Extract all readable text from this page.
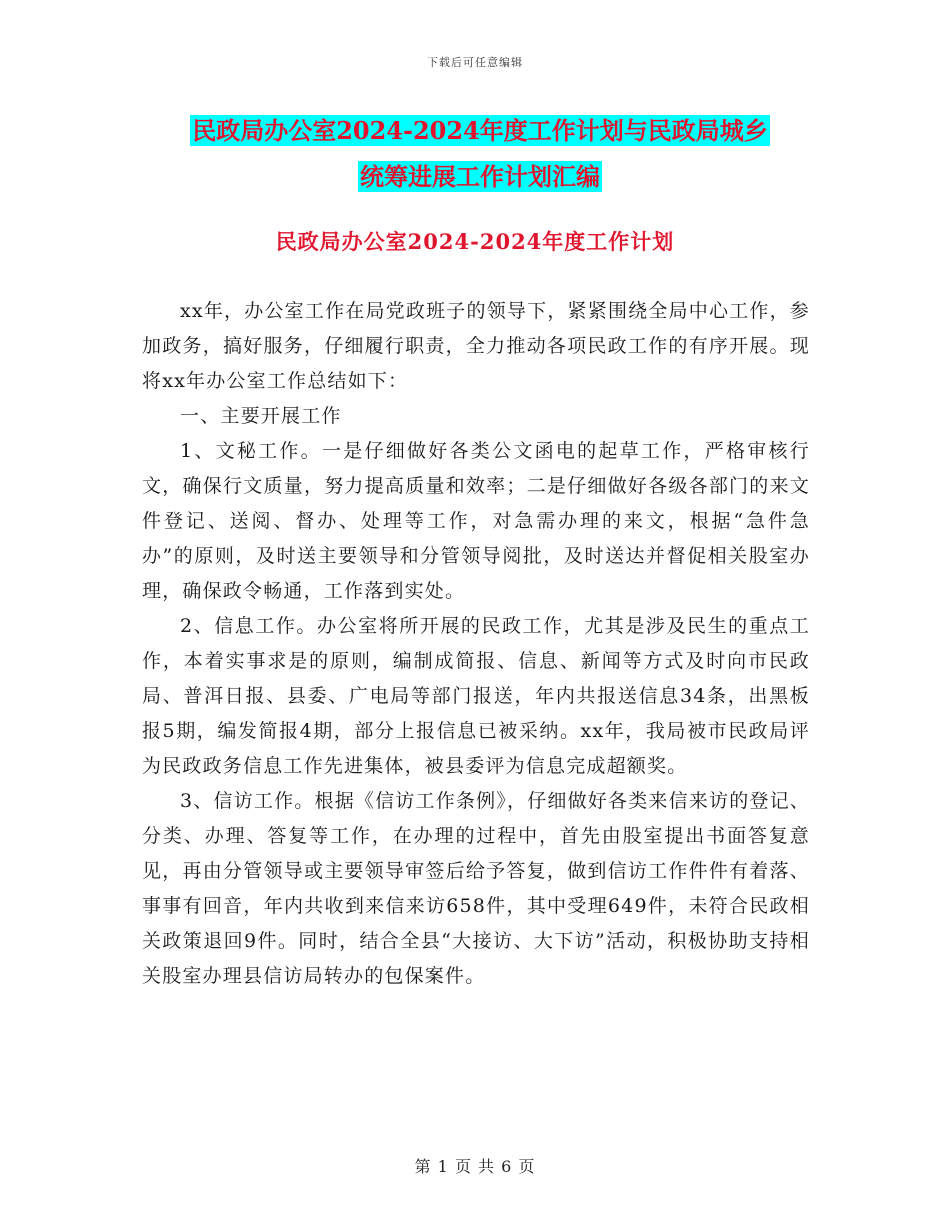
下载后可任意编辑
民政局办公室2024-2024年度工作计划与民政局城乡
统筹进展工作计划汇编
民政局办公室2024-2024年度工作计划

xx年，办公室工作在局党政班子的领导下，紧紧围绕全局中心工作，参加政务，搞好服务，仔细履行职责，全力推动各项民政工作的有序开展。现将xx年办公室工作总结如下：

一、主要开展工作

1、文秘工作。一是仔细做好各类公文函电的起草工作，严格审核行文，确保行文质量，努力提高质量和效率；二是仔细做好各级各部门的来文件登记、送阅、督办、处理等工作，对急需办理的来文，根据“急件急办”的原则，及时送主要领导和分管领导阅批，及时送达并督促相关股室办理，确保政令畅通，工作落到实处。

2、信息工作。办公室将所开展的民政工作，尤其是涉及民生的重点工作，本着实事求是的原则，编制成简报、信息、新闻等方式及时向市民政局、普洱日报、县委、广电局等部门报送，年内共报送信息34条，出黑板报5期，编发简报4期，部分上报信息已被采纳。xx年，我局被市民政局评为民政政务信息工作先进集体，被县委评为信息完成超额奖。

3、信访工作。根据《信访工作条例》，仔细做好各类来信来访的登记、分类、办理、答复等工作，在办理的过程中，首先由股室提出书面答复意见，再由分管领导或主要领导审签后给予答复，做到信访工作件件有着落、事事有回音，年内共收到来信来访658件，其中受理649件，未符合民政相关政策退回9件。同时，结合全县“大接访、大下访”活动，积极协助支持相关股室办理县信访局转办的包保案件。

第 1 页 共 6 页
